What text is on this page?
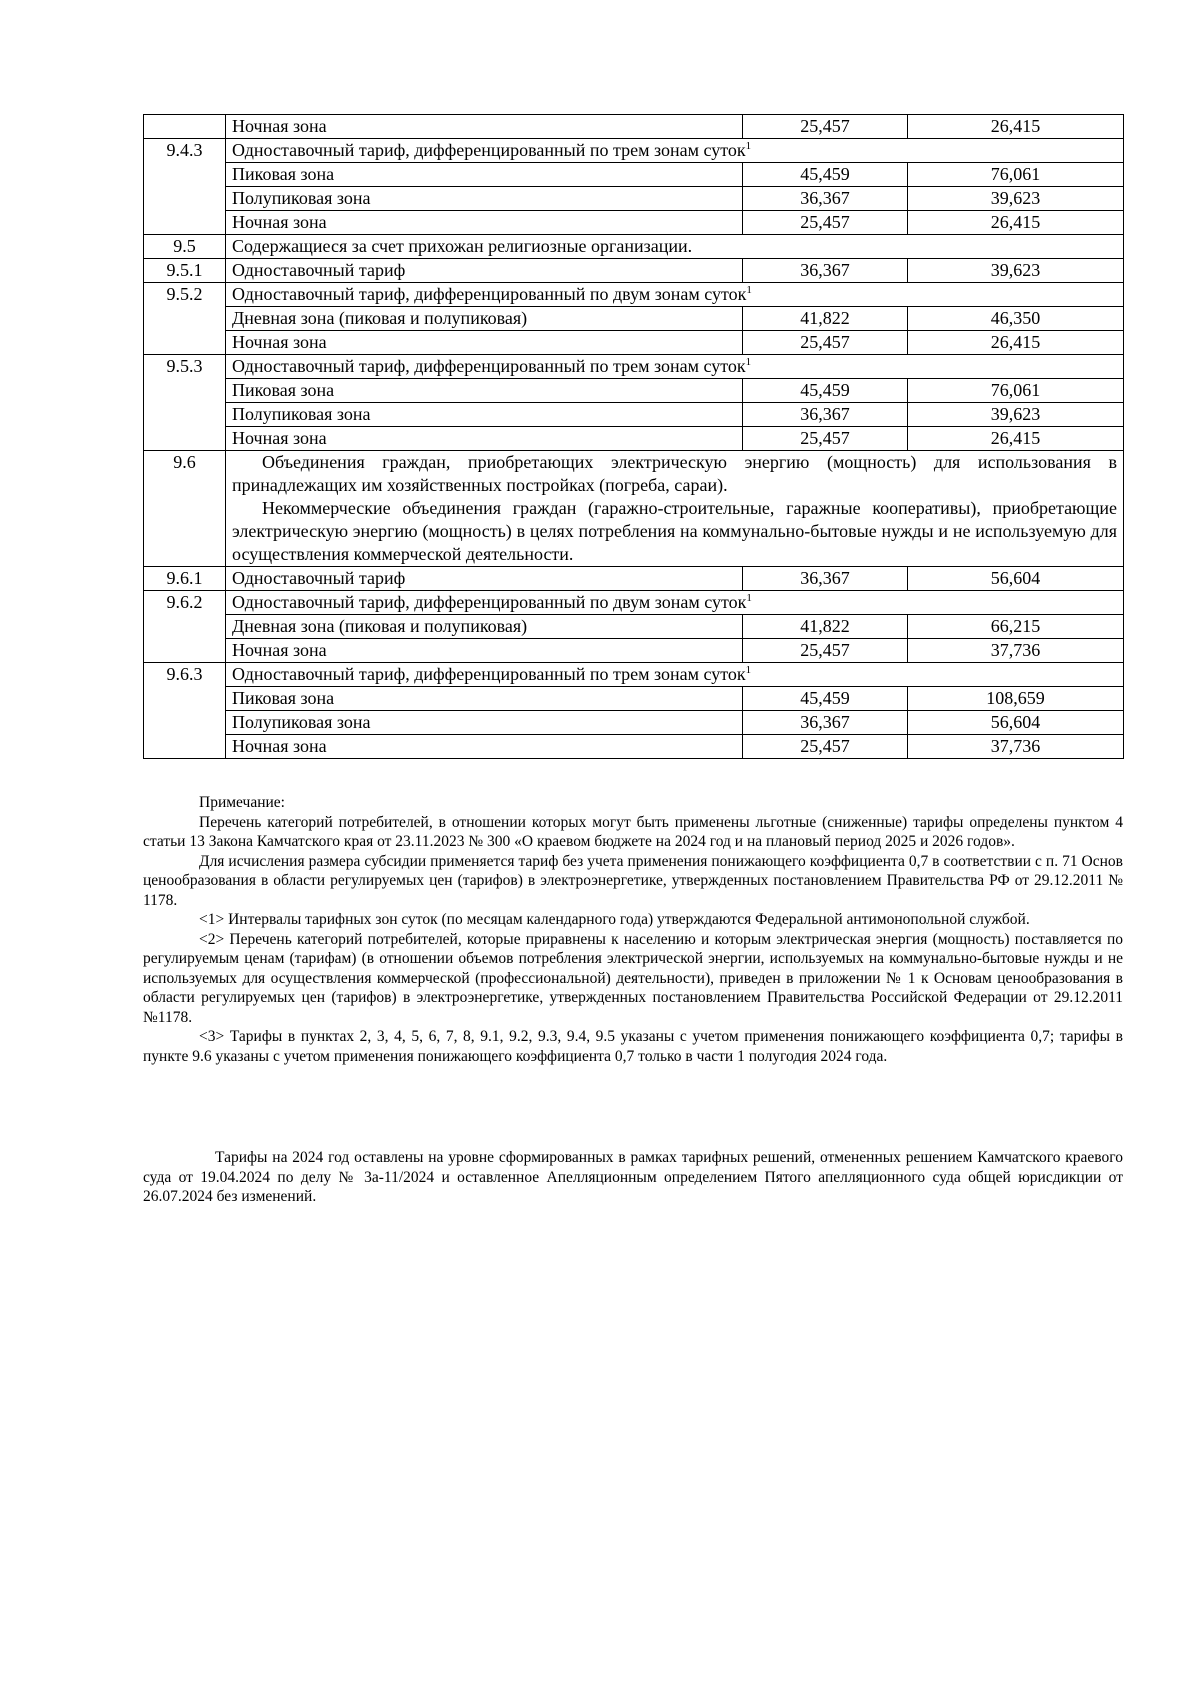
	Ночная зона	25,457	26,415
9.4.3	Одноставочный тариф, дифференцированный по трем зонам суток$^1$
	Пиковая зона	45,459	76,061
	Полупиковая зона	36,367	39,623
	Ночная зона	25,457	26,415
9.5	Содержащиеся за счет прихожан религиозные организации.		
9.5.1	Одноставочный тариф	36,367	39,623
9.5.2	Одноставочный тариф, дифференцированный по двум зонам суток$^1$
	Дневная зона (пиковая и полупиковая)	41,822	46,350
	Ночная зона	25,457	26,415
9.5.3	Одноставочный тариф, дифференцированный по трем зонам суток$^1$
	Пиковая зона	45,459	76,061
	Полупиковая зона	36,367	39,623
	Ночная зона	25,457	26,415
9.6	Объединения граждан, приобретающих электрическую энергию (мощность) для использования в принадлежащих им хозяйственных постройках (погреба, сараи).

Некоммерческие объединения граждан (гаражно-строительные, гаражные кооперативы), приобретающие электрическую энергию (мощность) в целях потребления на коммунально-бытовые нужды и не используемую для осуществления коммерческой деятельности.		

9.6.1	Одноставочный тариф	36,367	56,604
9.6.2	Одноставочный тариф, дифференцированный по двум зонам суток$^1$
	Дневная зона (пиковая и полупиковая)	41,822	66,215
	Ночная зона	25,457	37,736
9.6.3	Одноставочный тариф, дифференцированный по трем зонам суток$^1$
	Пиковая зона	45,459	108,659
	Полупиковая зона	36,367	56,604
	Ночная зона	25,457	37,736

Примечание:

Перечень категорий потребителей, в отношении которых могут быть применены льготные (сниженные) тарифы определены пунктом 4 статьи 13 Закона Камчатского края от 23.11.2023 № 300 «О краевом бюджете на 2024 год и на плановый период 2025 и 2026 годов».

Для исчисления размера субсидии применяется тариф без учета применения понижающего коэффициента 0,7 в соответствии с п. 71 Основ ценообразования в области регулируемых цен (тарифов) в электроэнергетике, утвержденных постановлением Правительства РФ от 29.12.2011 № 1178.

<1> Интервалы тарифных зон суток (по месяцам календарного года) утверждаются Федеральной антимонопольной службой.

<2> Перечень категорий потребителей, которые приравнены к населению и которым электрическая энергия (мощность) поставляется по регулируемым ценам (тарифам) (в отношении объемов потребления электрической энергии, используемых на коммунально-бытовые нужды и не используемых для осуществления коммерческой (профессиональной) деятельности), приведен в приложении № 1 к Основам ценообразования в области регулируемых цен (тарифов) в электроэнергетике, утвержденных постановлением Правительства Российской Федерации от 29.12.2011 №1178.

<3> Тарифы в пунктах 2, 3, 4, 5, 6, 7, 8, 9.1, 9.2, 9.3, 9.4, 9.5 указаны с учетом применения понижающего коэффициента 0,7; тарифы в пункте 9.6 указаны с учетом применения понижающего коэффициента 0,7 только в части 1 полугодия 2024 года.

Тарифы на 2024 год оставлены на уровне сформированных в рамках тарифных решений, отмененных решением Камчатского краевого суда от 19.04.2024 по делу № 3а-11/2024 и оставленное Апелляционным определением Пятого апелляционного суда общей юрисдикции от 26.07.2024 без изменений.
